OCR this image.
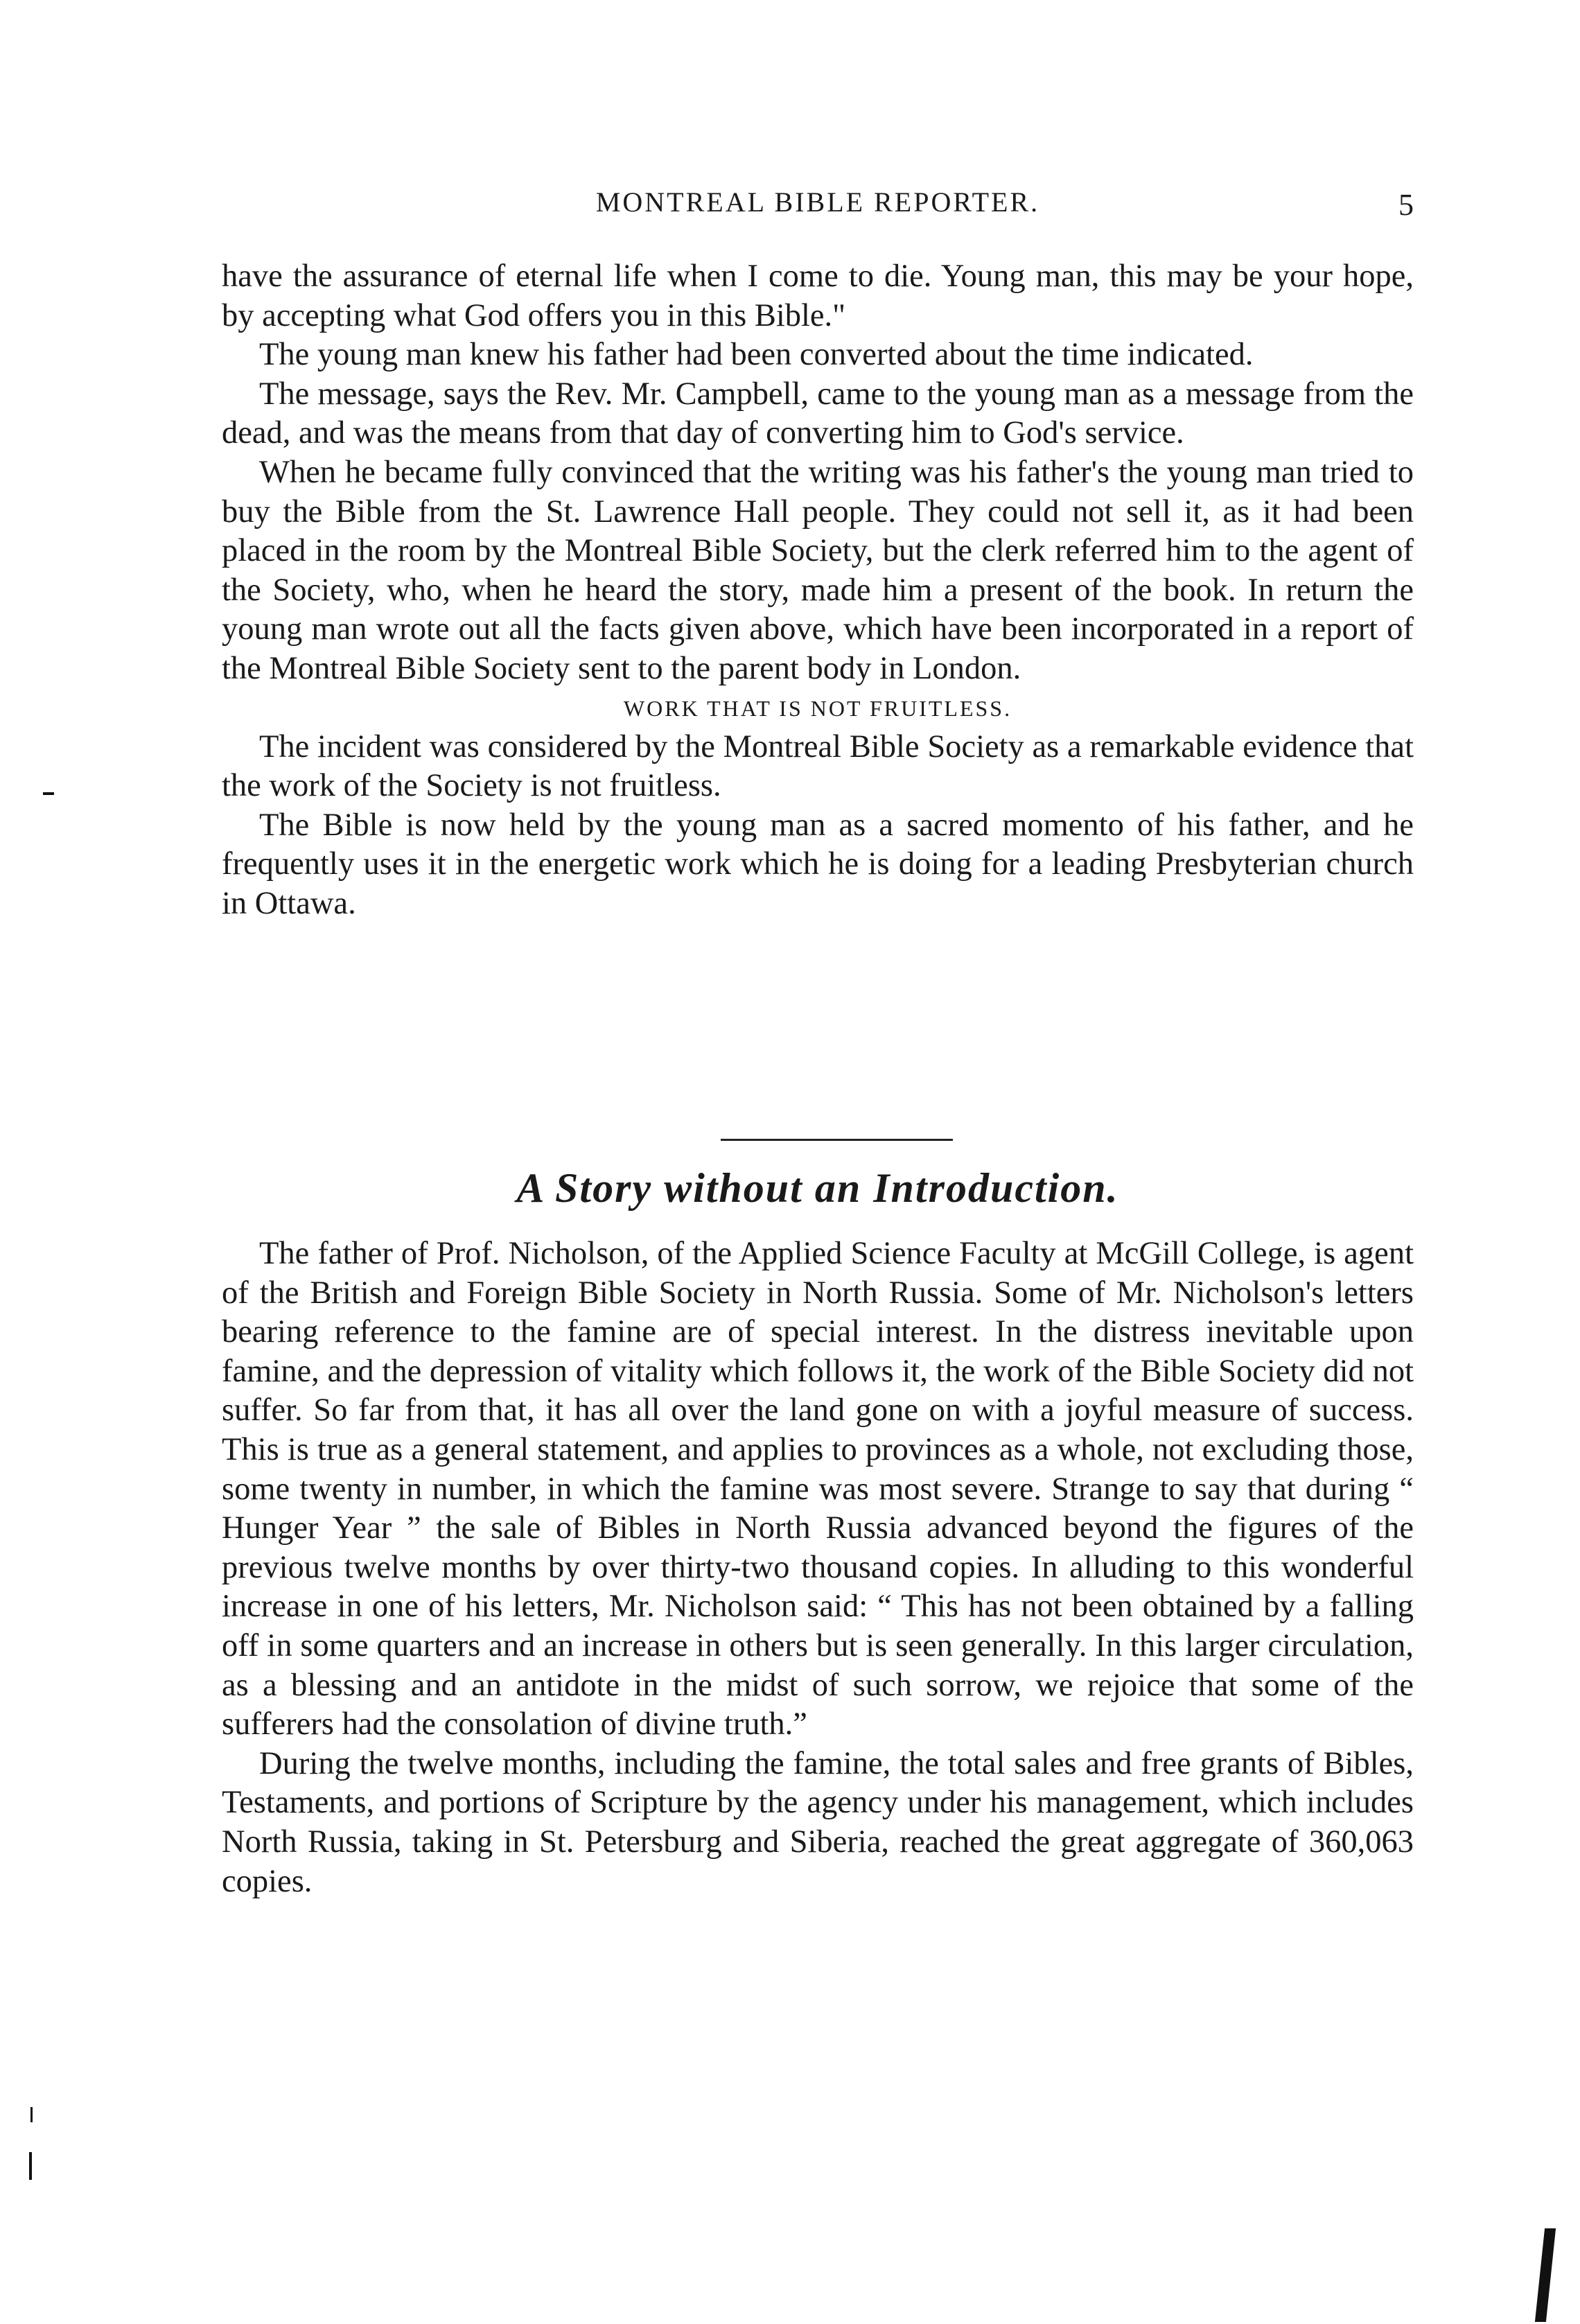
MONTREAL BIBLE REPORTER.	5

have the assurance of eternal life when I come to die. Young man, this may be your hope, by accepting what God offers you in this Bible."

The young man knew his father had been converted about the time indicated.

The message, says the Rev. Mr. Campbell, came to the young man as a message from the dead, and was the means from that day of converting him to God's service.

When he became fully convinced that the writing was his father's the young man tried to buy the Bible from the St. Lawrence Hall people. They could not sell it, as it had been placed in the room by the Montreal Bible Society, but the clerk referred him to the agent of the Society, who, when he heard the story, made him a present of the book. In return the young man wrote out all the facts given above, which have been incorporated in a report of the Montreal Bible Society sent to the parent body in London.

WORK THAT IS NOT FRUITLESS.

The incident was considered by the Montreal Bible Society as a remarkable evidence that the work of the Society is not fruitless.

The Bible is now held by the young man as a sacred momento of his father, and he frequently uses it in the energetic work which he is doing for a leading Presbyterian church in Ottawa.

A Story without an Introduction.

The father of Prof. Nicholson, of the Applied Science Faculty at McGill College, is agent of the British and Foreign Bible Society in North Russia. Some of Mr. Nicholson's letters bearing reference to the famine are of special interest. In the distress inevitable upon famine, and the depression of vitality which follows it, the work of the Bible Society did not suffer. So far from that, it has all over the land gone on with a joyful measure of success. This is true as a general statement, and applies to provinces as a whole, not excluding those, some twenty in number, in which the famine was most severe. Strange to say that during “ Hunger Year ” the sale of Bibles in North Russia advanced beyond the figures of the previous twelve months by over thirty-two thousand copies. In alluding to this wonderful increase in one of his letters, Mr. Nicholson said: “ This has not been obtained by a falling off in some quarters and an increase in others but is seen generally. In this larger circulation, as a blessing and an antidote in the midst of such sorrow, we rejoice that some of the sufferers had the consolation of divine truth.”

During the twelve months, including the famine, the total sales and free grants of Bibles, Testaments, and portions of Scripture by the agency under his management, which includes North Russia, taking in St. Petersburg and Siberia, reached the great aggregate of 360,063 copies.
